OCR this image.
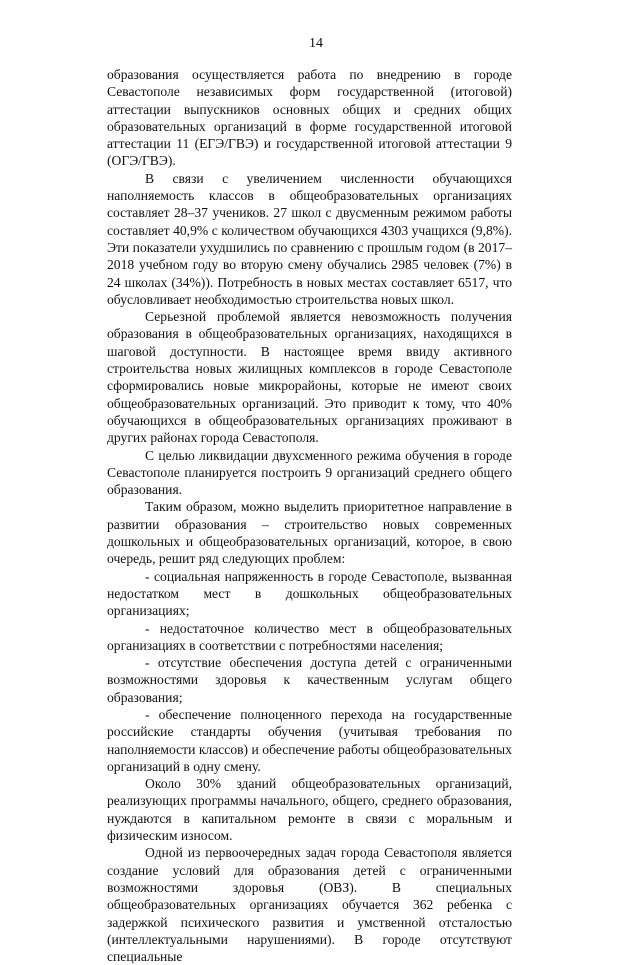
14

образования осуществляется работа по внедрению в городе Севастополе независимых форм государственной (итоговой) аттестации выпускников основных общих и средних общих образовательных организаций в форме государственной итоговой аттестации 11 (ЕГЭ/ГВЭ) и государственной итоговой аттестации 9 (ОГЭ/ГВЭ).

В связи с увеличением численности обучающихся наполняемость классов в общеобразовательных организациях составляет 28–37 учеников. 27 школ с двусменным режимом работы составляет 40,9% с количеством обучающихся 4303 учащихся (9,8%). Эти показатели ухудшились по сравнению с прошлым годом (в 2017–2018 учебном году во вторую смену обучались 2985 человек (7%) в 24 школах (34%)). Потребность в новых местах составляет 6517, что обусловливает необходимостью строительства новых школ.

Серьезной проблемой является невозможность получения образования в общеобразовательных организациях, находящихся в шаговой доступности. В настоящее время ввиду активного строительства новых жилищных комплексов в городе Севастополе сформировались новые микрорайоны, которые не имеют своих общеобразовательных организаций. Это приводит к тому, что 40% обучающихся в общеобразовательных организациях проживают в других районах города Севастополя.

С целью ликвидации двухсменного режима обучения в городе Севастополе планируется построить 9 организаций среднего общего образования.

Таким образом, можно выделить приоритетное направление в развитии образования – строительство новых современных дошкольных и общеобразовательных организаций, которое, в свою очередь, решит ряд следующих проблем:

- социальная напряженность в городе Севастополе, вызванная недостатком мест в дошкольных общеобразовательных организациях;

- недостаточное количество мест в общеобразовательных организациях в соответствии с потребностями населения;

- отсутствие обеспечения доступа детей с ограниченными возможностями здоровья к качественным услугам общего образования;

- обеспечение полноценного перехода на государственные российские стандарты обучения (учитывая требования по наполняемости классов) и обеспечение работы общеобразовательных организаций в одну смену.

Около 30% зданий общеобразовательных организаций, реализующих программы начального, общего, среднего образования, нуждаются в капитальном ремонте в связи с моральным и физическим износом.

Одной из первоочередных задач города Севастополя является создание условий для образования детей с ограниченными возможностями здоровья (ОВЗ). В специальных общеобразовательных организациях обучается 362 ребенка с задержкой психического развития и умственной отсталостью (интеллектуальными нарушениями). В городе отсутствуют специальные
